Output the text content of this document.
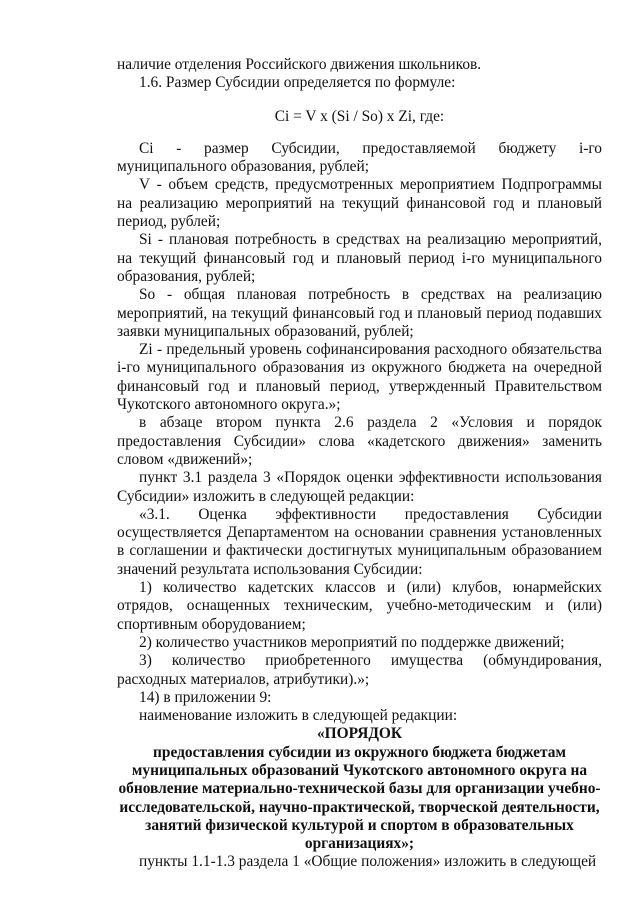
наличие отделения Российского движения школьников.

1.6. Размер Субсидии определяется по формуле:

Ci = V x (Si / So) x Zi, где:

Ci - размер Субсидии, предоставляемой бюджету i-го муниципального образования, рублей;

V - объем средств, предусмотренных мероприятием Подпрограммы на реализацию мероприятий на текущий финансовой год и плановый период, рублей;

Si - плановая потребность в средствах на реализацию мероприятий, на текущий финансовый год и плановый период i-го муниципального образования, рублей;

So - общая плановая потребность в средствах на реализацию мероприятий, на текущий финансовый год и плановый период подавших заявки муниципальных образований, рублей;

Zi - предельный уровень софинансирования расходного обязательства i-го муниципального образования из окружного бюджета на очередной финансовый год и плановый период, утвержденный Правительством Чукотского автономного округа.»;

в абзаце втором пункта 2.6 раздела 2 «Условия и порядок предоставления Субсидии» слова «кадетского движения» заменить словом «движений»;

пункт 3.1 раздела 3 «Порядок оценки эффективности использования Субсидии» изложить в следующей редакции:

«3.1. Оценка эффективности предоставления Субсидии осуществляется Департаментом на основании сравнения установленных в соглашении и фактически достигнутых муниципальным образованием значений результата использования Субсидии:

1) количество кадетских классов и (или) клубов, юнармейских отрядов, оснащенных техническим, учебно-методическим и (или) спортивным оборудованием;

2) количество участников мероприятий по поддержке движений;

3) количество приобретенного имущества (обмундирования, расходных материалов, атрибутики).»;

14) в приложении 9:

наименование изложить в следующей редакции:

«ПОРЯДОК
предоставления субсидии из окружного бюджета бюджетам муниципальных образований Чукотского автономного округа на обновление материально-технической базы для организации учебно-исследовательской, научно-практической, творческой деятельности, занятий физической культурой и спортом в образовательных организациях»;

пункты 1.1-1.3 раздела 1 «Общие положения» изложить в следующей
